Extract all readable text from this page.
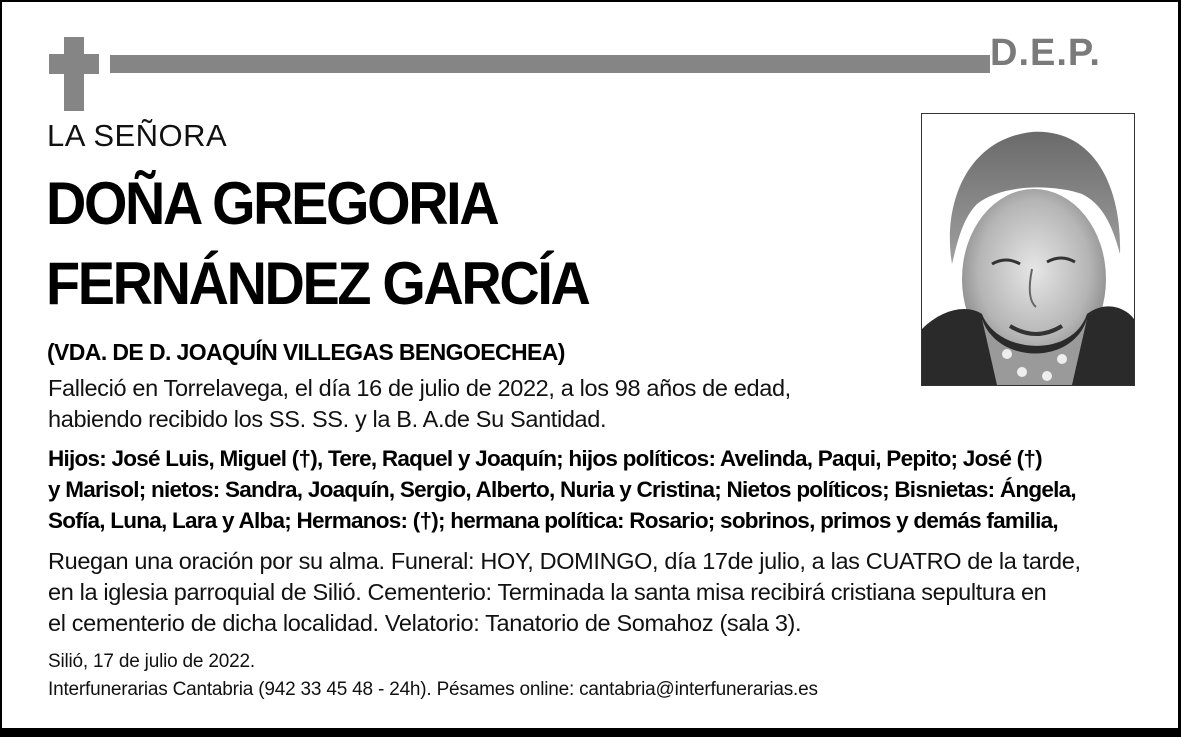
D.E.P.
LA SEÑORA
DOÑA GREGORIA
FERNÁNDEZ GARCÍA
(VDA. DE D. JOAQUÍN VILLEGAS BENGOECHEA)
Falleció en Torrelavega, el día 16 de julio de 2022, a los 98 años de edad,
habiendo recibido los SS. SS. y la B. A.de Su Santidad.
Hijos: José Luis, Miguel (†), Tere, Raquel y Joaquín; hijos políticos: Avelinda, Paqui, Pepito; José (†)
y Marisol; nietos: Sandra, Joaquín, Sergio, Alberto, Nuria y Cristina; Nietos políticos; Bisnietas: Ángela,
Sofía, Luna, Lara y Alba; Hermanos: (†); hermana política: Rosario; sobrinos, primos y demás familia,
Ruegan una oración por su alma. Funeral: HOY, DOMINGO, día 17de julio, a las CUATRO de la tarde,
en la iglesia parroquial de Silió. Cementerio: Terminada la santa misa recibirá cristiana sepultura en
el cementerio de dicha localidad. Velatorio: Tanatorio de Somahoz (sala 3).
Silió, 17 de julio de 2022.
Interfunerarias Cantabria (942 33 45 48 - 24h). Pésames online: cantabria@interfunerarias.es
